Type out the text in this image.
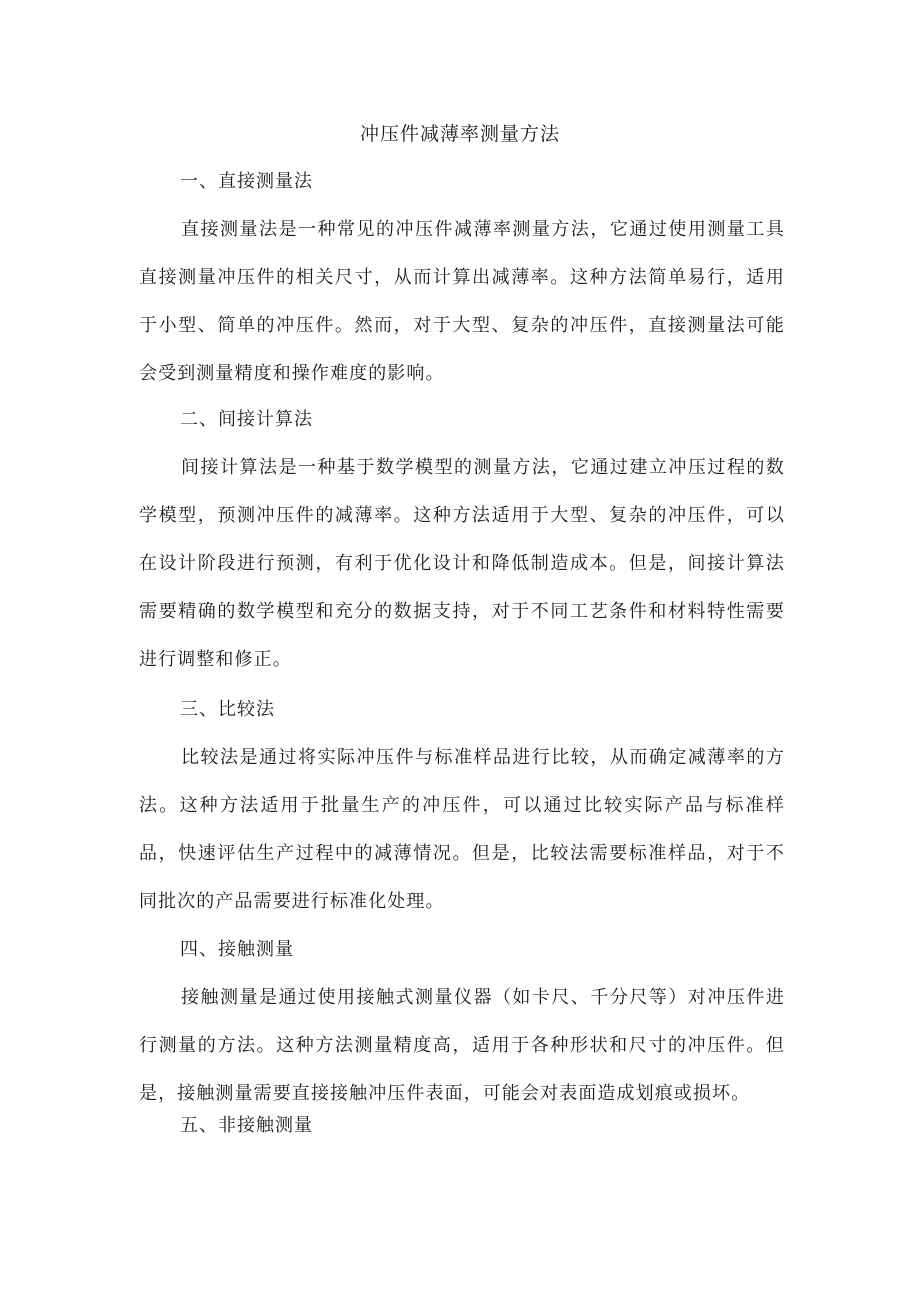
冲压件减薄率测量方法
一、直接测量法

直接测量法是一种常见的冲压件减薄率测量方法，它通过使用测量工具直接测量冲压件的相关尺寸，从而计算出减薄率。这种方法简单易行，适用于小型、简单的冲压件。然而，对于大型、复杂的冲压件，直接测量法可能会受到测量精度和操作难度的影响。

二、间接计算法

间接计算法是一种基于数学模型的测量方法，它通过建立冲压过程的数学模型，预测冲压件的减薄率。这种方法适用于大型、复杂的冲压件，可以在设计阶段进行预测，有利于优化设计和降低制造成本。但是，间接计算法需要精确的数学模型和充分的数据支持，对于不同工艺条件和材料特性需要进行调整和修正。

三、比较法

比较法是通过将实际冲压件与标准样品进行比较，从而确定减薄率的方法。这种方法适用于批量生产的冲压件，可以通过比较实际产品与标准样品，快速评估生产过程中的减薄情况。但是，比较法需要标准样品，对于不同批次的产品需要进行标准化处理。

四、接触测量

接触测量是通过使用接触式测量仪器（如卡尺、千分尺等）对冲压件进行测量的方法。这种方法测量精度高，适用于各种形状和尺寸的冲压件。但是，接触测量需要直接接触冲压件表面，可能会对表面造成划痕或损坏。

五、非接触测量
